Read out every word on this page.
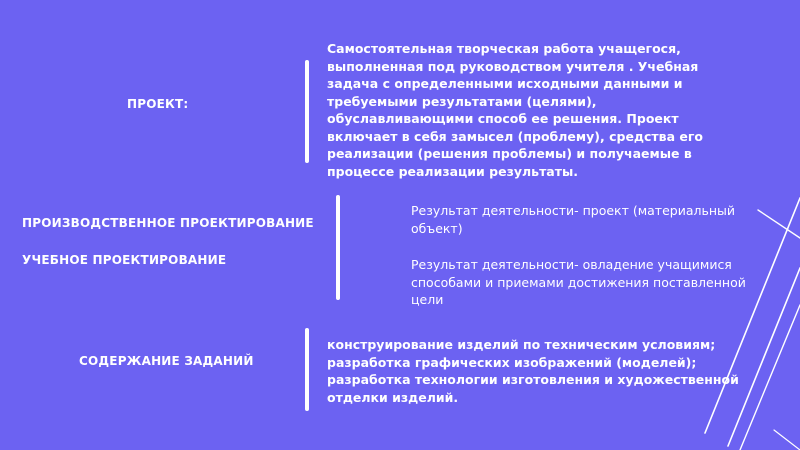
ПРОЕКТ:
Самостоятельная творческая работа учащегося, выполненная под руководством учителя . Учебная задача с определенными исходными данными и требуемыми результатами (целями), обуславливающими способ ее решения. Проект включает в себя замысел (проблему), средства его реализации (решения проблемы) и получаемые в процессе реализации результаты.
ПРОИЗВОДСТВЕННОЕ ПРОЕКТИРОВАНИЕ
УЧЕБНОЕ ПРОЕКТИРОВАНИЕ
Результат деятельности- проект (материальный объект)
Результат деятельности- овладение учащимися способами и приемами достижения поставленной цели
СОДЕРЖАНИЕ ЗАДАНИЙ
конструирование изделий по техническим условиям; разработка графических изображений (моделей); разработка технологии изготовления и художественной отделки изделий.
